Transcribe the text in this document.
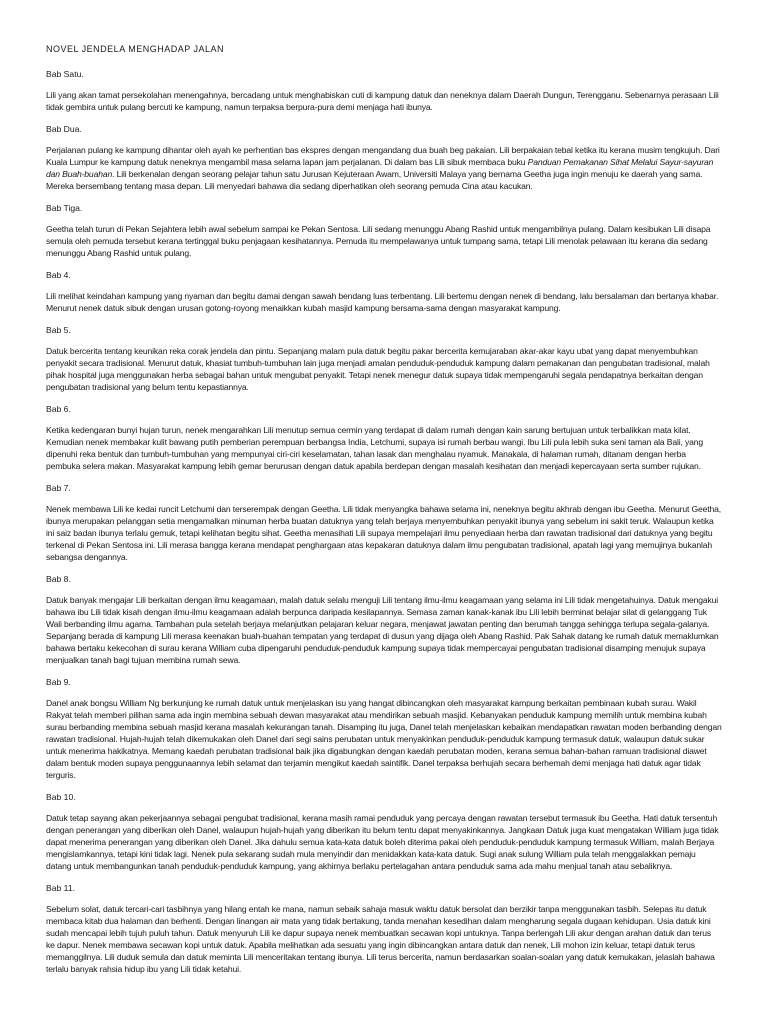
NOVEL JENDELA MENGHADAP JALAN
Bab Satu.

Lili yang akan tamat persekolahan menengahnya, bercadang untuk menghabiskan cuti di kampung datuk dan neneknya dalam Daerah Dungun, Terengganu. Sebenarnya perasaan Lili tidak gembira untuk pulang bercuti ke kampung, namun terpaksa berpura-pura demi menjaga hati ibunya.

Bab Dua.

Perjalanan pulang ke kampung dihantar oleh ayah ke perhentian bas ekspres dengan mengandang dua buah beg pakaian. Lili berpakaian tebal ketika itu kerana musim tengkujuh. Dari Kuala Lumpur ke kampung datuk neneknya mengambil masa selama lapan jam perjalanan. Di dalam bas Lili sibuk membaca buku Panduan Pemakanan Sihat Melalui Sayur-sayuran dan Buah-buahan. Lili berkenalan dengan seorang pelajar tahun satu Jurusan Kejuteraan Awam, Universiti Malaya yang bernama Geetha juga ingin menuju ke daerah yang sama. Mereka bersembang tentang masa depan. Lili menyedari bahawa dia sedang diperhatikan oleh seorang pemuda Cina atau kacukan.

Bab Tiga.

Geetha telah turun di Pekan Sejahtera lebih awal sebelum sampai ke Pekan Sentosa. Lili sedang menunggu Abang Rashid untuk mengambilnya pulang. Dalam kesibukan Lili disapa semula oleh pemuda tersebut kerana tertinggal buku penjagaan kesihatannya. Pemuda itu mempelawanya untuk tumpang sama, tetapi Lili menolak pelawaan itu kerana dia sedang menunggu Abang Rashid untuk pulang.

Bab 4.

Lili melihat keindahan kampung yang nyaman dan begitu damai dengan sawah bendang luas terbentang. Lili bertemu dengan nenek di bendang, lalu bersalaman dan bertanya khabar. Menurut nenek datuk sibuk dengan urusan gotong-royong menaikkan kubah masjid kampung bersama-sama dengan masyarakat kampung.

Bab 5.

Datuk bercerita tentang keunikan reka corak jendela dan pintu. Sepanjang malam pula datuk begitu pakar bercerita kemujaraban akar-akar kayu ubat yang dapat menyembuhkan penyakit secara tradisional. Menurut datuk, khasiat tumbuh-tumbuhan lain juga menjadi amalan penduduk-penduduk kampung dalam pemakanan dan pengubatan tradisional, malah pihak hospital juga menggunakan herba sebagai bahan untuk mengubat penyakit. Tetapi nenek menegur datuk supaya tidak mempengaruhi segala pendapatnya berkaitan dengan pengubatan tradisional yang belum tentu kepastiannya.

Bab 6.

Ketika kedengaran bunyi hujan turun, nenek mengarahkan Lili menutup semua cermin yang terdapat di dalam rumah dengan kain sarung bertujuan untuk terbalikkan mata kilat. Kemudian nenek membakar kulit bawang putih pemberian perempuan berbangsa India, Letchumi, supaya isi rumah berbau wangi. Ibu Lili pula lebih suka seni taman ala Bali, yang dipenuhi reka bentuk dan tumbuh-tumbuhan yang mempunyai ciri-ciri keselamatan, tahan lasak dan menghalau nyamuk. Manakala, di halaman rumah, ditanam dengan herba pembuka selera makan. Masyarakat kampung lebih gemar berurusan dengan datuk apabila berdepan dengan masalah kesihatan dan menjadi kepercayaan serta sumber rujukan.

Bab 7.

Nenek membawa Lili ke kedai runcit Letchumi dan terserempak dengan Geetha. Lili tidak menyangka bahawa selama ini, neneknya begitu akhrab dengan ibu Geetha. Menurut Geetha, ibunya merupakan pelanggan setia mengamalkan minuman herba buatan datuknya yang telah berjaya menyembuhkan penyakit ibunya yang sebelum ini sakit teruk. Walaupun ketika ini saiz badan ibunya terlalu gemuk, tetapi kelihatan begitu sihat. Geetha menasihati Lili supaya mempelajari ilmu penyediaan herba dan rawatan tradisional dari datuknya yang begitu terkenal di Pekan Sentosa ini. Lili merasa bangga kerana mendapat penghargaan atas kepakaran datuknya dalam ilmu pengubatan tradisional, apatah lagi yang memujinya bukanlah sebangsa dengannya.

Bab 8.

Datuk banyak mengajar Lili berkaitan dengan ilmu keagamaan, malah datuk selalu menguji Lili tentang ilmu-ilmu keagamaan yang selama ini Lili tidak mengetahuinya. Datuk mengakui bahawa ibu Lili tidak kisah dengan ilmu-ilmu keagamaan adalah berpunca daripada kesilapannya. Semasa zaman kanak-kanak ibu Lili lebih berminat belajar silat di gelanggang Tuk Wali berbanding ilmu agama. Tambahan pula setelah berjaya melanjutkan pelajaran keluar negara, menjawat jawatan penting dan berumah tangga sehingga terlupa segala-galanya. Sepanjang berada di kampung Lili merasa keenakan buah-buahan tempatan yang terdapat di dusun yang dijaga oleh Abang Rashid. Pak Sahak datang ke rumah datuk memaklumkan bahawa bertaku kekecohan di surau kerana William cuba dipengaruhi penduduk-penduduk kampung supaya tidak mempercayai pengubatan tradisional disamping menujuk supaya menjualkan tanah bagi tujuan membina rumah sewa.

Bab 9.

Danel anak bongsu William Ng berkunjung ke rumah datuk untuk menjelaskan isu yang hangat dibincangkan oleh masyarakat kampung berkaitan pembinaan kubah surau. Wakil Rakyat telah memberi pilihan sama ada ingin membina sebuah dewan masyarakat atau mendirikan sebuah masjid. Kebanyakan penduduk kampung memilih untuk membina kubah surau berbanding membina sebuah masjid kerana masalah kekurangan tanah. Disamping itu juga, Danel telah menjelaskan kebaikan mendapatkan rawatan moden berbanding dengan rawatan tradisional. Hujah-hujah telah dikemukakan oleh Danel dari segi sains perubatan untuk menyakinkan penduduk-penduduk kampung termasuk datuk, walaupun datuk sukar untuk menerima hakikatnya. Memang kaedah perubatan tradisional baik jika digabungkan dengan kaedah perubatan moden, kerana semua bahan-bahan ramuan tradisional diawet dalam bentuk moden supaya penggunaannya lebih selamat dan terjamin mengikut kaedah saintifik. Danel terpaksa berhujah secara berhemah demi menjaga hati datuk agar tidak terguris.

Bab 10.

Datuk tetap sayang akan pekerjaannya sebagai pengubat tradisional, kerana masih ramai penduduk yang percaya dengan rawatan tersebut termasuk ibu Geetha. Hati datuk tersentuh dengan penerangan yang diberikan oleh Danel, walaupun hujah-hujah yang diberikan itu belum tentu dapat menyakinkannya. Jangkaan Datuk juga kuat mengatakan William juga tidak dapat menerima penerangan yang diberikan oleh Danel. Jika dahulu semua kata-kata datuk boleh diterima pakai oleh penduduk-penduduk kampung termasuk William, malah Berjaya mengislamkannya, tetapi kini tidak lagi. Nenek pula sekarang sudah mula menyindir dan menidakkan kata-kata datuk. Sugi anak sulung William pula telah menggalakkan pemaju datang untuk membangunkan tanah penduduk-penduduk kampung, yang akhirnya berlaku pertelagahan antara penduduk sama ada mahu menjual tanah atau sebaliknya.

Bab 11.

Sebelum solat, datuk tercari-cari tasbihnya yang hilang entah ke mana, namun sebaik sahaja masuk waktu datuk bersolat dan berzikir tanpa menggunakan tasbih. Selepas itu datuk membaca kitab dua halaman dan berhenti. Dengan linangan air mata yang tidak bertakung, tanda menahan kesedihan dalam mengharung segala dugaan kehidupan. Usia datuk kini sudah mencapai lebih tujuh puluh tahun. Datuk menyuruh Lili ke dapur supaya nenek membuatkan secawan kopi untuknya. Tanpa berlengah Lili akur dengan arahan datuk dan terus ke dapur. Nenek membawa secawan kopi untuk datuk. Apabila melihatkan ada sesuatu yang ingin dibincangkan antara datuk dan nenek, Lili mohon izin keluar, tetapi datuk terus memanggilnya. Lili duduk semula dan datuk meminta Lili menceritakan tentang ibunya. Lili terus bercerita, namun berdasarkan soalan-soalan yang datuk kemukakan, jelaslah bahawa terlalu banyak rahsia hidup ibu yang Lili tidak ketahui.
